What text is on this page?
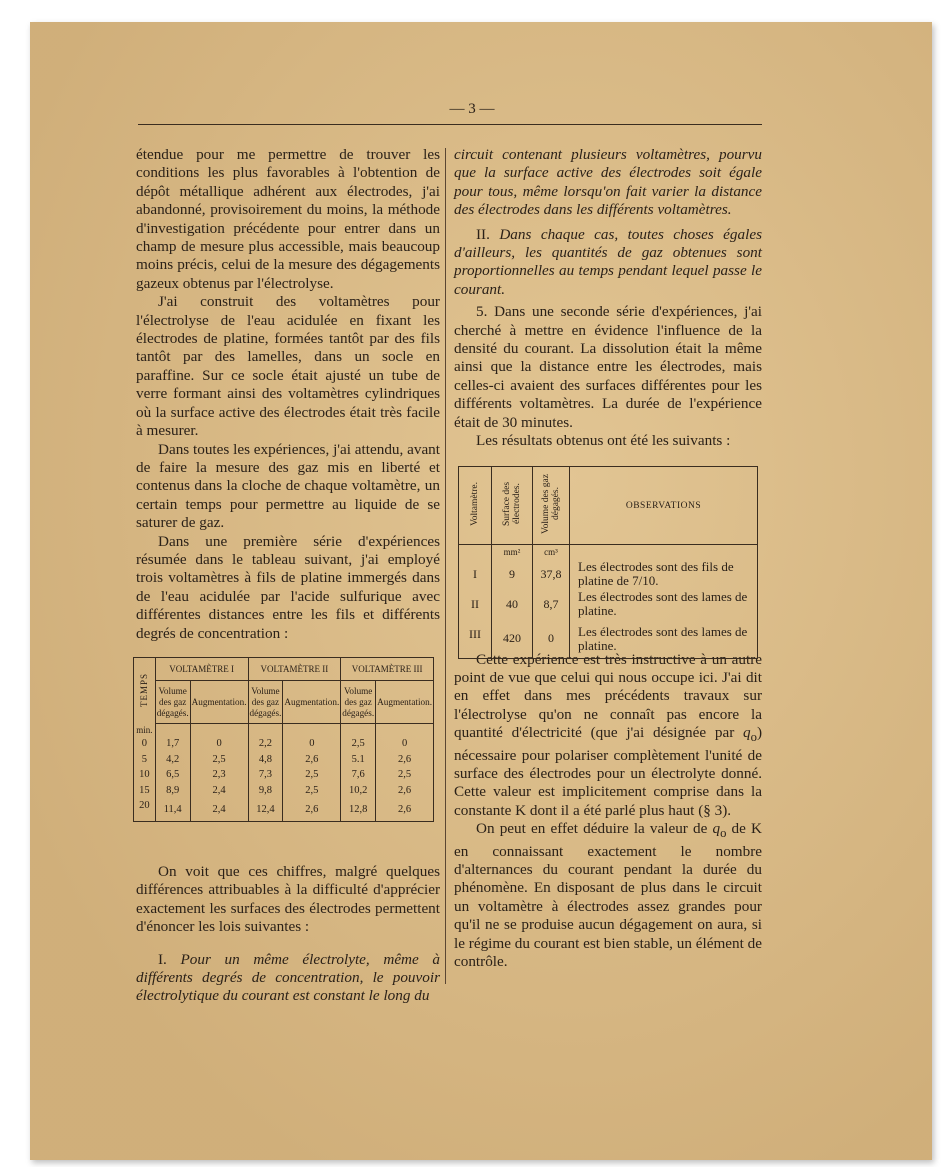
— 3 —

étendue pour me permettre de trouver les conditions les plus favorables à l'obtention de dépôt métallique adhérent aux électrodes, j'ai abandonné, provisoirement du moins, la méthode d'investigation précédente pour entrer dans un champ de mesure plus accessible, mais beaucoup moins précis, celui de la mesure des dégagements gazeux obtenus par l'électrolyse.

J'ai construit des voltamètres pour l'électrolyse de l'eau acidulée en fixant les électrodes de platine, formées tantôt par des fils tantôt par des lamelles, dans un socle en paraffine. Sur ce socle était ajusté un tube de verre formant ainsi des voltamètres cylindriques où la surface active des électrodes était très facile à mesurer.

Dans toutes les expériences, j'ai attendu, avant de faire la mesure des gaz mis en liberté et contenus dans la cloche de chaque voltamètre, un certain temps pour permettre au liquide de se saturer de gaz.

Dans une première série d'expériences résumée dans le tableau suivant, j'ai employé trois voltamètres à fils de platine immergés dans de l'eau acidulée par l'acide sulfurique avec différentes distances entre les fils et différents degrés de concentration :

On voit que ces chiffres, malgré quelques différences attribuables à la difficulté d'apprécier exactement les surfaces des électrodes permettent d'énoncer les lois suivantes :

I. Pour un même électrolyte, même à différents degrés de concentration, le pouvoir électrolytique du courant est constant le long du

circuit contenant plusieurs voltamètres, pourvu que la surface active des électrodes soit égale pour tous, même lorsqu'on fait varier la distance des électrodes dans les différents voltamètres.

II. Dans chaque cas, toutes choses égales d'ailleurs, les quantités de gaz obtenues sont proportionnelles au temps pendant lequel passe le courant.

5. Dans une seconde série d'expériences, j'ai cherché à mettre en évidence l'influence de la densité du courant. La dissolution était la même ainsi que la distance entre les électrodes, mais celles-ci avaient des surfaces différentes pour les différents voltamètres. La durée de l'expérience était de 30 minutes.

Les résultats obtenus ont été les suivants :

Cette expérience est très instructive à un autre point de vue que celui qui nous occupe ici. J'ai dit en effet dans mes précédents travaux sur l'électrolyse qu'on ne connaît pas encore la quantité d'électricité (que j'ai désignée par $q_o$) nécessaire pour polariser complètement l'unité de surface des électrodes pour un électrolyte donné. Cette valeur est implicitement comprise dans la constante K dont il a été parlé plus haut (§ 3).

On peut en effet déduire la valeur de $q_o$ de K en connaissant exactement le nombre d'alternances du courant pendant la durée du phénomène. En disposant de plus dans le circuit un voltamètre à électrodes assez grandes pour qu'il ne se produise aucun dégagement on aura, si le régime du courant est bien stable, un élément de contrôle.

TEMPS	VOLTAMÈTRE I		VOLTAMÈTRE II		VOLTAMÈTRE III	
	Volume des gaz dégagés.	Augmentation.	Volume des gaz dégagés.	Augmentation.	Volume des gaz dégagés.	Augmentation.
min.						
0	1,7	0	2,2	0	2,5	0
5	4,2	2,5	4,8	2,6	5.1	2,6
10	6,5	2,3	7,3	2,5	7,6	2,5
15	8,9	2,4	9,8	2,5	10,2	2,6
20	11,4	2,4	12,4	2,6	12,8	2,6
Voltamètre.	Surface des électrodes.	Volume des gaz dégagés.	OBSERVATIONS
	mm²	cm³	
I	9	37,8	Les électrodes sont des fils de platine de 7/10.
II	40	8,7	Les électrodes sont des lames de platine.
III	420	0	Les électrodes sont des lames de platine.
